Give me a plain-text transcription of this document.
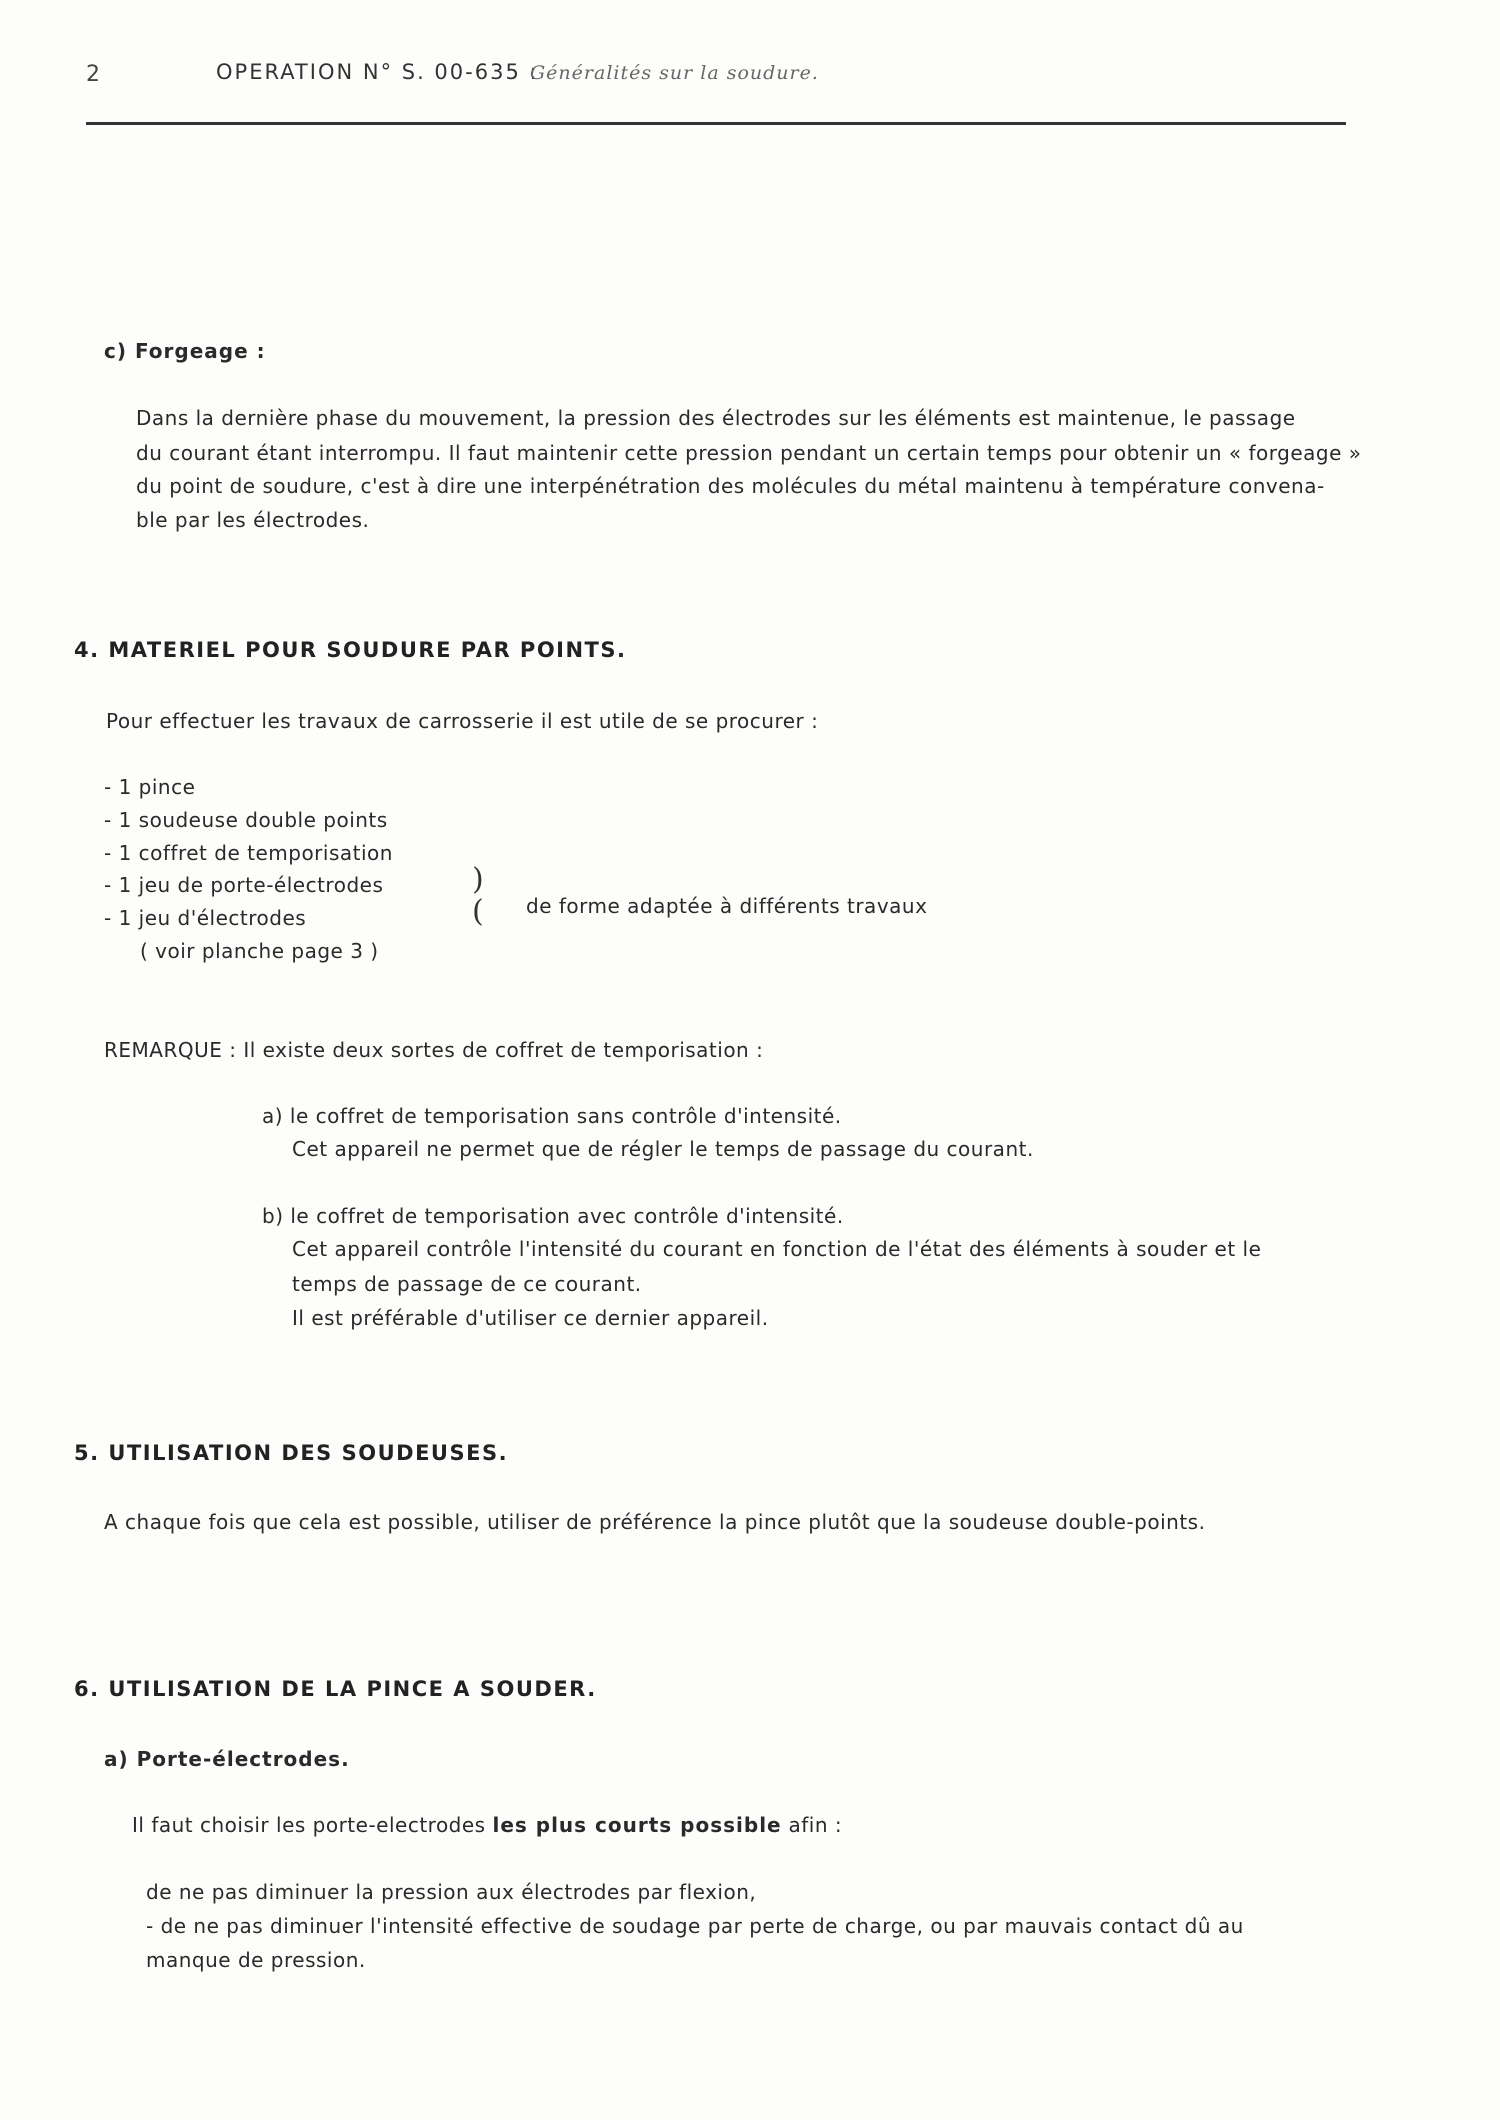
2	OPERATION N° S. 00-635 :
Généralités sur la soudure.
c) Forgeage :
Dans la dernière phase du mouvement, la pression des électrodes sur les éléments est maintenue, le passage
du courant étant interrompu. Il faut maintenir cette pression pendant un certain temps pour obtenir un « forgeage »
du point de soudure, c'est à dire une interpénétration des molécules du métal maintenu à température convena-
ble par les électrodes.
4. MATERIEL POUR SOUDURE PAR POINTS.
Pour effectuer les travaux de carrosserie il est utile de se procurer :
- 1 pince
- 1 soudeuse double points
- 1 coffret de temporisation
- 1 jeu de porte-électrodes
- 1 jeu d'électrodes
( voir planche page 3 )
)
( de forme adaptée à différents travaux
REMARQUE : Il existe deux sortes de coffret de temporisation :
a) le coffret de temporisation sans contrôle d'intensité.
Cet appareil ne permet que de régler le temps de passage du courant.
b) le coffret de temporisation avec contrôle d'intensité.
Cet appareil contrôle l'intensité du courant en fonction de l'état des éléments à souder et le
temps de passage de ce courant.
Il est préférable d'utiliser ce dernier appareil.
5. UTILISATION DES SOUDEUSES.
A chaque fois que cela est possible, utiliser de préférence la pince plutôt que la soudeuse double-points.
6. UTILISATION DE LA PINCE A SOUDER.
a) Porte-électrodes.
Il faut choisir les porte-electrodes les plus courts possible afin :
de ne pas diminuer la pression aux électrodes par flexion,
- de ne pas diminuer l'intensité effective de soudage par perte de charge, ou par mauvais contact dû au
manque de pression.
